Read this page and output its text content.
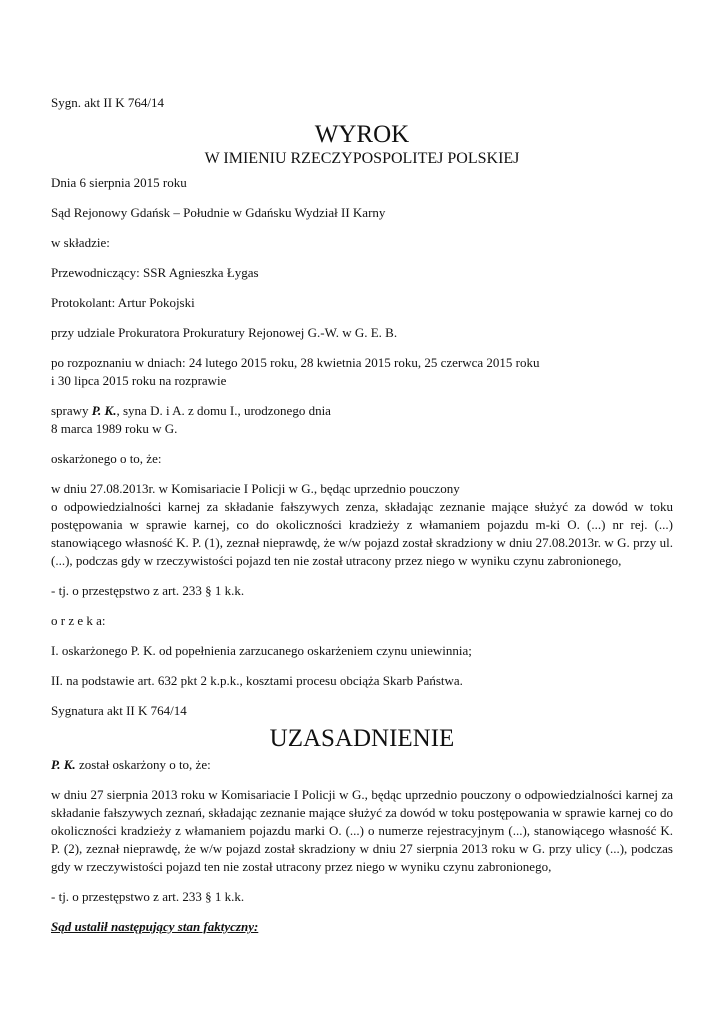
Sygn. akt II K 764/14

WYROK

W IMIENIU RZECZYPOSPOLITEJ POLSKIEJ

Dnia 6 sierpnia 2015 roku

Sąd Rejonowy Gdańsk – Południe w Gdańsku Wydział II Karny

w składzie:

Przewodniczący: SSR Agnieszka Łygas

Protokolant: Artur Pokojski

przy udziale Prokuratora Prokuratury Rejonowej G.-W. w G. E. B.

po rozpoznaniu w dniach: 24 lutego 2015 roku, 28 kwietnia 2015 roku, 25 czerwca 2015 roku

i 30 lipca 2015 roku na rozprawie

sprawy P. K., syna D. i A. z domu I., urodzonego dnia

8 marca 1989 roku w G.

oskarżonego o to, że:

w dniu 27.08.2013r. w Komisariacie I Policji w G., będąc uprzednio pouczony

o odpowiedzialności karnej za składanie fałszywych zenza, składając zeznanie mające służyć za dowód w toku postępowania w sprawie karnej, co do okoliczności kradzieży z włamaniem pojazdu m-ki O. (...) nr rej. (...) stanowiącego własność K. P. (1), zeznał nieprawdę, że w/w pojazd został skradziony w dniu 27.08.2013r. w G. przy ul. (...), podczas gdy w rzeczywistości pojazd ten nie został utracony przez niego w wyniku czynu zabronionego,

- tj. o przestępstwo z art. 233 § 1 k.k.

o r z e k a:

I. oskarżonego P. K. od popełnienia zarzucanego oskarżeniem czynu uniewinnia;

II. na podstawie art. 632 pkt 2 k.p.k., kosztami procesu obciąża Skarb Państwa.

Sygnatura akt II K 764/14

UZASADNIENIE

P. K. został oskarżony o to, że:

w dniu 27 sierpnia 2013 roku w Komisariacie I Policji w G., będąc uprzednio pouczony o odpowiedzialności karnej za składanie fałszywych zeznań, składając zeznanie mające służyć za dowód w toku postępowania w sprawie karnej co do okoliczności kradzieży z włamaniem pojazdu marki O. (...) o numerze rejestracyjnym (...), stanowiącego własność K. P. (2), zeznał nieprawdę, że w/w pojazd został skradziony w dniu 27 sierpnia 2013 roku w G. przy ulicy (...), podczas gdy w rzeczywistości pojazd ten nie został utracony przez niego w wyniku czynu zabronionego,

- tj. o przestępstwo z art. 233 § 1 k.k.

Sąd ustalił następujący stan faktyczny:
